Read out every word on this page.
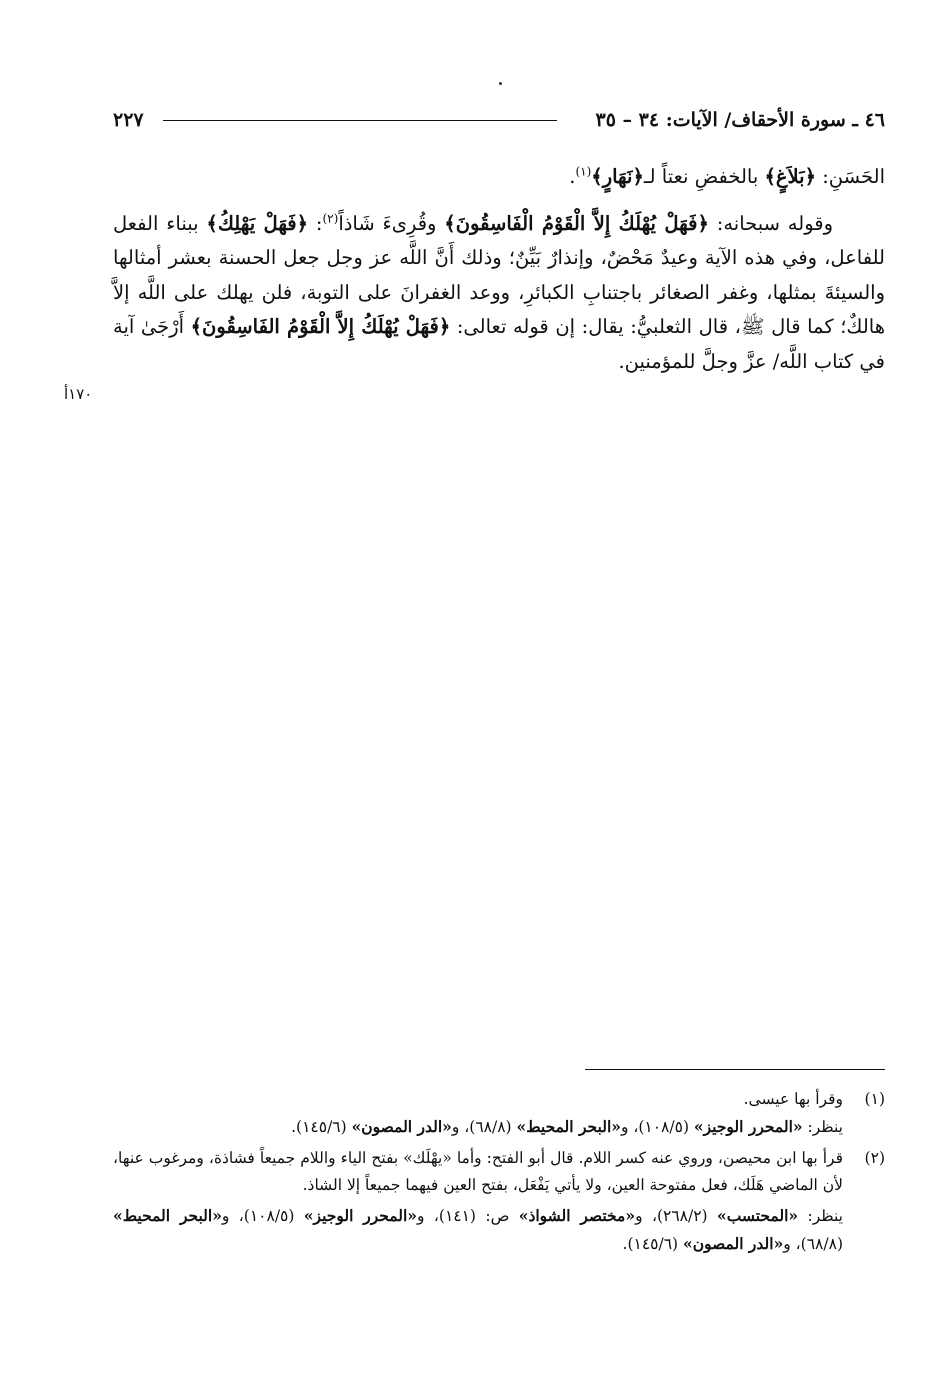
٤٦ ـ سورة الأحقاف/ الآيات: ٣٤ – ٣٥
٢٢٧

الحَسَنِ: ﴿بَلاَغٍ﴾ بالخفضِ نعتاً لـ﴿نَهَارٍ﴾$^{(١)}$.

وقوله سبحانه: ﴿فَهَلْ يُهْلَكُ إِلاَّ الْقَوْمُ الْفَاسِقُونَ﴾ وقُرِىءَ شَاذاً$^{(٢)}$: ﴿فَهَلْ يَهْلِكُ﴾ ببناء الفعل للفاعل، وفي هذه الآية وعيدٌ مَحْضٌ، وإنذارٌ بَيِّنٌ؛ وذلك أَنَّ اللَّه عز وجل جعل الحسنة بعشر أمثالها والسيئةَ بمثلها، وغفر الصغائر باجتنابِ الكبائرِ، ووعد الغفرانَ على التوبة، فلن يهلك على اللَّه إلاَّ هالكٌ؛ كما قال ﷺ، قال الثعلبيُّ: يقال: إن قوله تعالى: ﴿فَهَلْ يُهْلَكُ إِلاَّ الْقَوْمُ الفَاسِقُونَ﴾ أَرْجَىٰ آية في كتاب اللَّه/ عزَّ وجلَّ للمؤمنين.

١٧٠أ
(١)

وقرأ بها عيسى.

ينظر: «المحرر الوجيز» (١٠٨/٥)، و«البحر المحيط» (٦٨/٨)، و«الدر المصون» (١٤٥/٦).

(٢)

قرأ بها ابن محيصن، وروي عنه كسر اللام. قال أبو الفتح: وأما «يهْلَك» بفتح الياء واللام جميعاً فشاذة، ومرغوب عنها، لأن الماضي هَلَك، فعل مفتوحة العين، ولا يأتي يَفْعَل، بفتح العين فيهما جميعاً إلا الشاذ.

ينظر: «المحتسب» (٢٦٨/٢)، و«مختصر الشواذ» ص: (١٤١)، و«المحرر الوجيز» (١٠٨/٥)، و«البحر المحيط» (٦٨/٨)، و«الدر المصون» (١٤٥/٦).
